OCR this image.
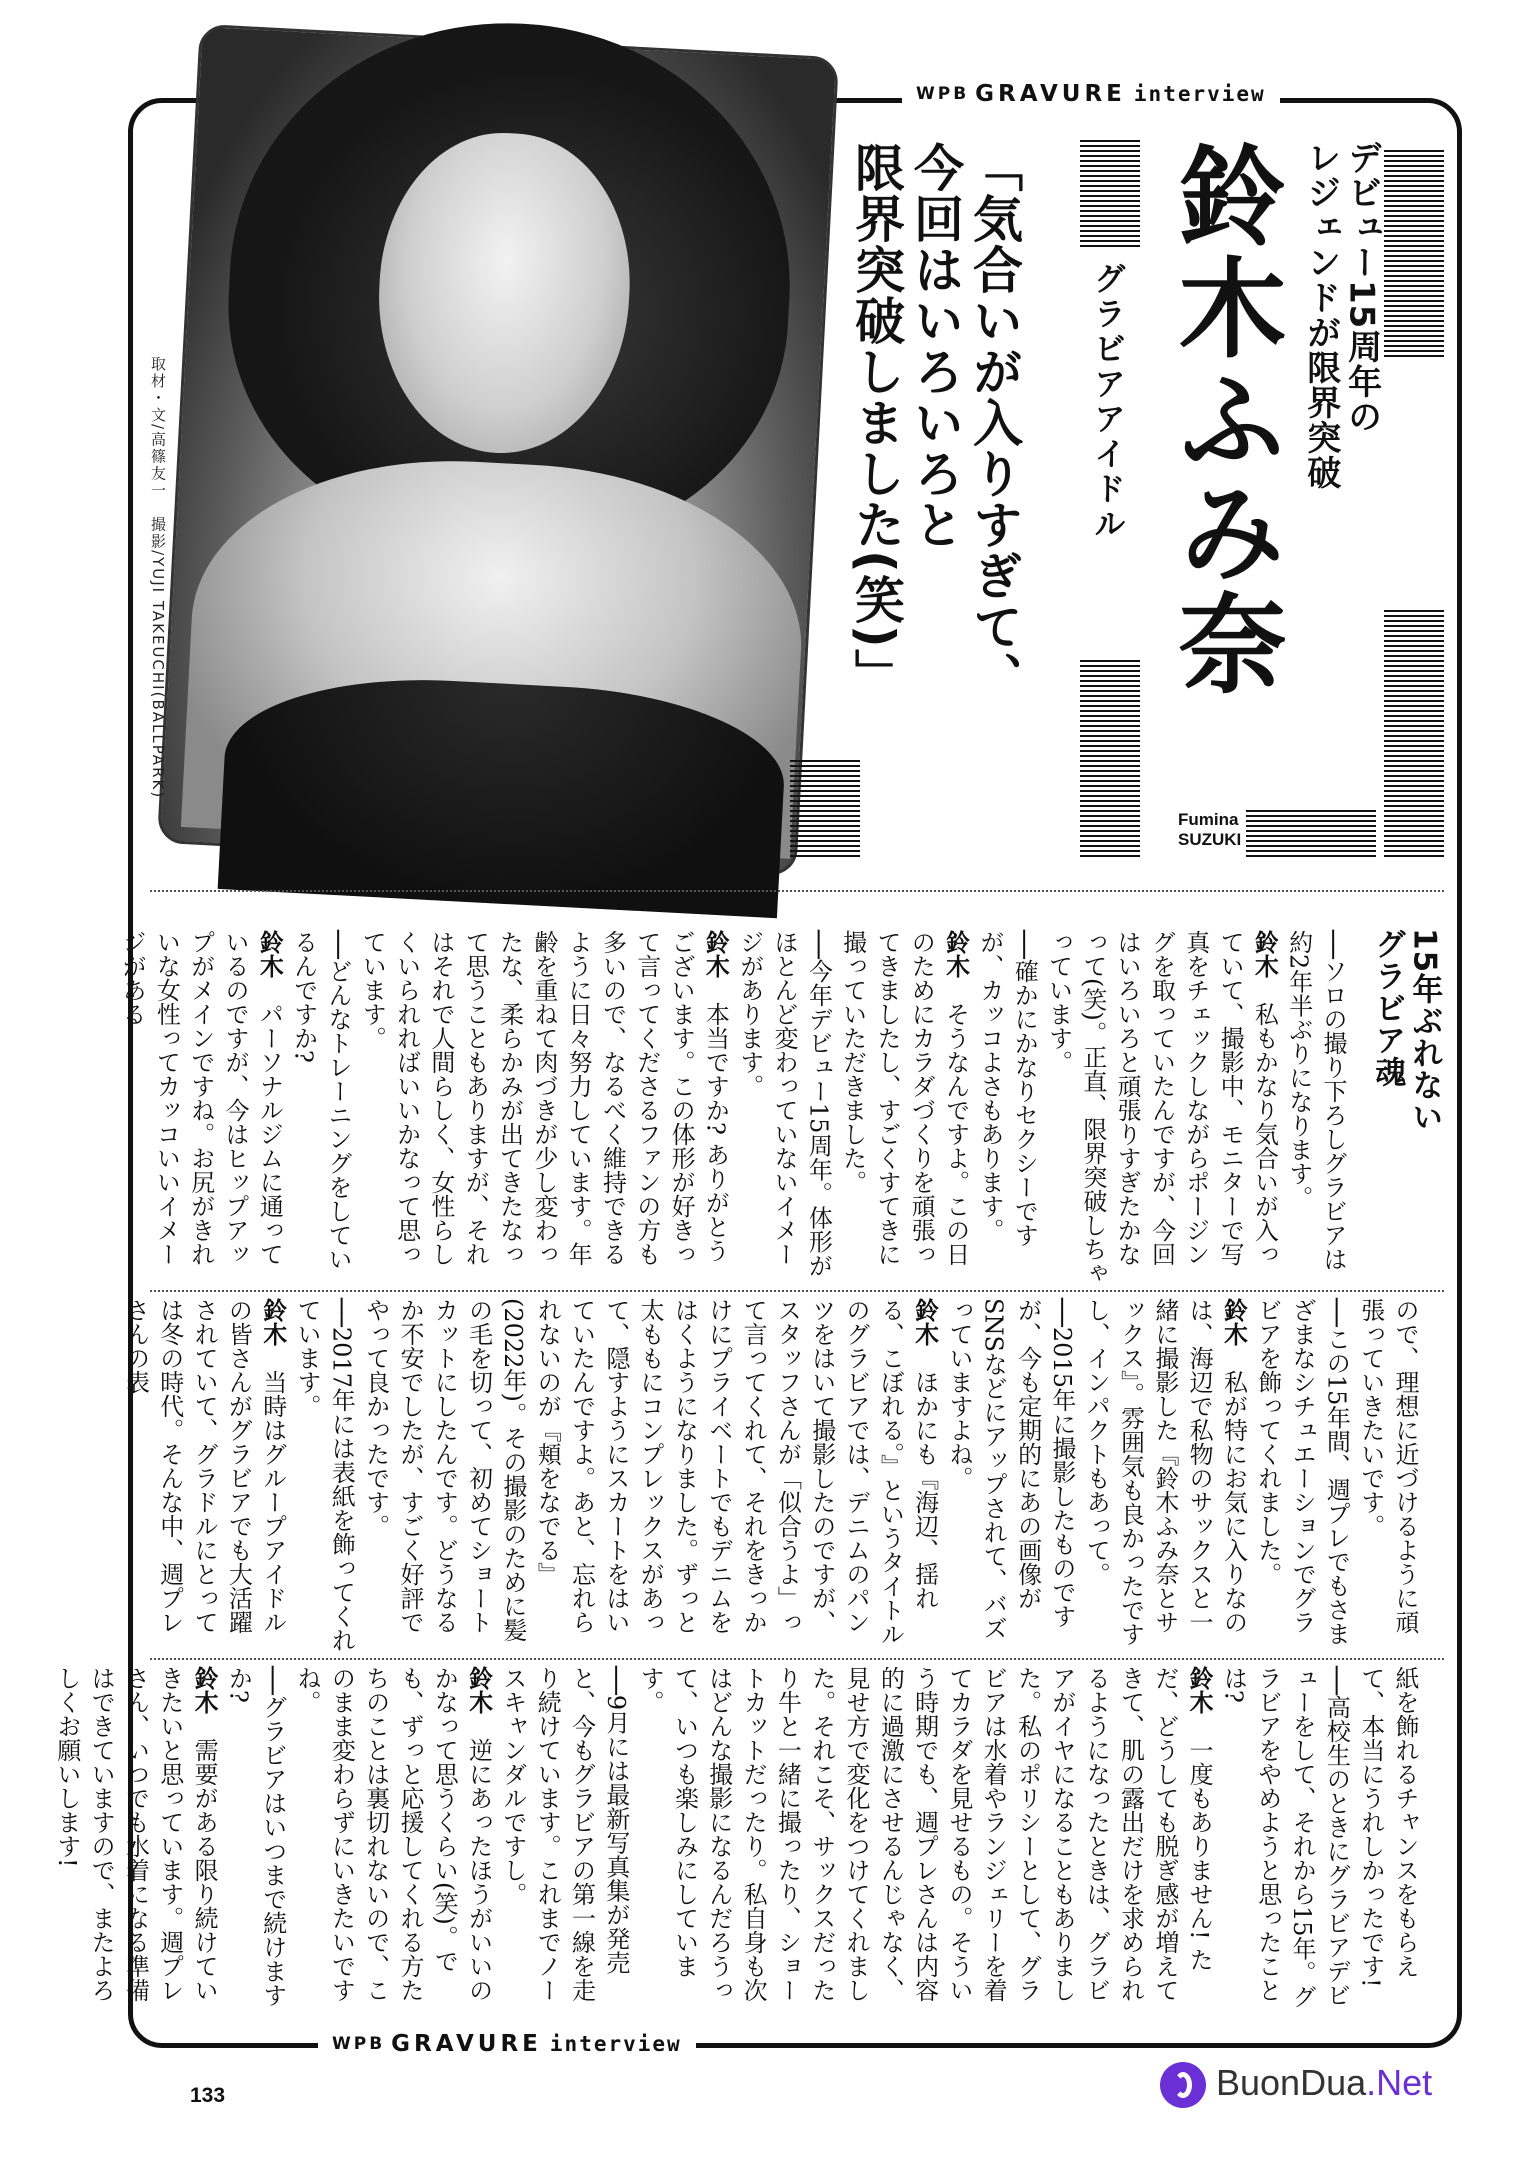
WPB GRAVURE interview
取材・文/高篠友一　撮影/YUJI TAKEUCHI(BALLPARK)
デビュー15周年の
レジェンドが限界突破
鈴木ふみ奈
グラビアアイドル
Fumina
SUZUKI
「気合いが入りすぎて、
今回はいろいろと
限界突破しました(笑)」
15年ぶれない
グラビア魂

──ソロの撮り下ろしグラビアは約2年半ぶりになります。

鈴木　私もかなり気合いが入っていて、撮影中、モニターで写真をチェックしながらポージングを取っていたんですが、今回はいろいろと頑張りすぎたかなって(笑)。正直、限界突破しちゃっています。

──確かにかなりセクシーですが、カッコよさもあります。

鈴木　そうなんですよ。この日のためにカラダづくりを頑張ってきましたし、すごくすてきに撮っていただきました。

──今年デビュー15周年。体形がほとんど変わっていないイメージがあります。

鈴木　本当ですか? ありがとうございます。この体形が好きって言ってくださるファンの方も多いので、なるべく維持できるように日々努力しています。年齢を重ねて肉づきが少し変わったな、柔らかみが出てきたなって思うこともありますが、それはそれで人間らしく、女性らしくいられればいいかなって思っています。

──どんなトレーニングをしているんですか?

鈴木　パーソナルジムに通っているのですが、今はヒップアップがメインですね。お尻がきれいな女性ってカッコいいイメージがある

ので、理想に近づけるように頑張っていきたいです。

──この15年間、週プレでもさまざまなシチュエーションでグラビアを飾ってくれました。

鈴木　私が特にお気に入りなのは、海辺で私物のサックスと一緒に撮影した『鈴木ふみ奈とサックス』。雰囲気も良かったですし、インパクトもあって。

──2015年に撮影したものですが、今も定期的にあの画像がSNSなどにアップされて、バズっていますよね。

鈴木　ほかにも『海辺、揺れる、こぼれる。』というタイトルのグラビアでは、デニムのパンツをはいて撮影したのですが、スタッフさんが「似合うよ」って言ってくれて、それをきっかけにプライベートでもデニムをはくようになりました。ずっと太ももにコンプレックスがあって、隠すようにスカートをはいていたんですよ。あと、忘れられないのが『頬をなでる』(2022年)。その撮影のために髪の毛を切って、初めてショートカットにしたんです。どうなるか不安でしたが、すごく好評でやって良かったです。

──2017年には表紙を飾ってくれています。

鈴木　当時はグループアイドルの皆さんがグラビアでも大活躍されていて、グラドルにとっては冬の時代。そんな中、週プレさんの表

紙を飾れるチャンスをもらえて、本当にうれしかったです!

──高校生のときにグラビアデビューをして、それから15年。グラビアをやめようと思ったことは?

鈴木　一度もありません! ただ、どうしても脱ぎ感が増えてきて、肌の露出だけを求められるようになったときは、グラビアがイヤになることもありました。私のポリシーとして、グラビアは水着やランジェリーを着てカラダを見せるもの。そういう時期でも、週プレさんは内容的に過激にさせるんじゃなく、見せ方で変化をつけてくれました。それこそ、サックスだったり牛と一緒に撮ったり、ショートカットだったり。私自身も次はどんな撮影になるんだろうって、いつも楽しみにしています。

──9月には最新写真集が発売と、今もグラビアの第一線を走り続けています。これまでノースキャンダルですし。

鈴木　逆にあったほうがいいのかなって思うくらい(笑)。でも、ずっと応援してくれる方たちのことは裏切れないので、このまま変わらずにいきたいですね。

──グラビアはいつまで続けますか?

鈴木　需要がある限り続けていきたいと思っています。週プレさん、いつでも水着になる準備はできていますので、またよろしくお願いします!

WPB GRAVURE interview
133	BuonDua.Net
